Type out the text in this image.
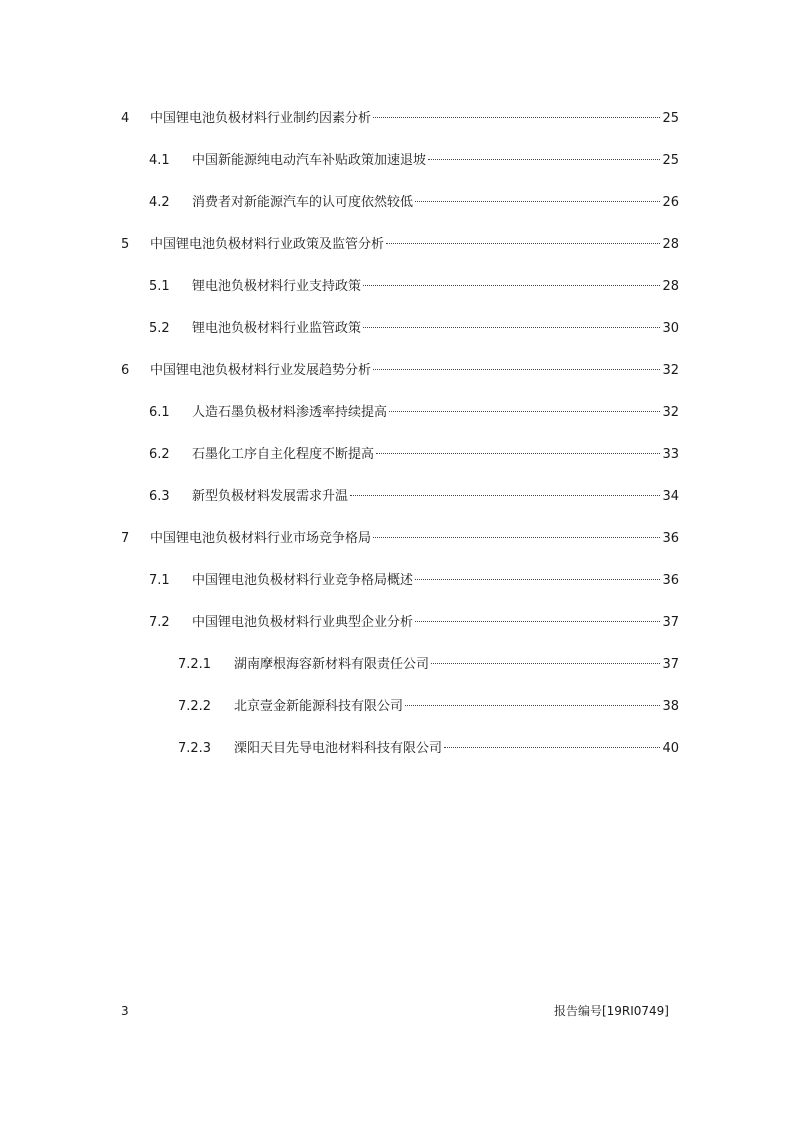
4 中国锂电池负极材料行业制约因素分析	25
4.1 中国新能源纯电动汽车补贴政策加速退坡	25
4.2 消费者对新能源汽车的认可度依然较低	26
5 中国锂电池负极材料行业政策及监管分析	28
5.1 锂电池负极材料行业支持政策	28
5.2 锂电池负极材料行业监管政策	30
6 中国锂电池负极材料行业发展趋势分析	32
6.1 人造石墨负极材料渗透率持续提高	32
6.2 石墨化工序自主化程度不断提高	33
6.3 新型负极材料发展需求升温	34
7 中国锂电池负极材料行业市场竞争格局	36
7.1 中国锂电池负极材料行业竞争格局概述	36
7.2 中国锂电池负极材料行业典型企业分析	37
7.2.1 湖南摩根海容新材料有限责任公司	37
7.2.2 北京壹金新能源科技有限公司	38
7.2.3 溧阳天目先导电池材料科技有限公司	40
3	报告编号[19RI0749]
